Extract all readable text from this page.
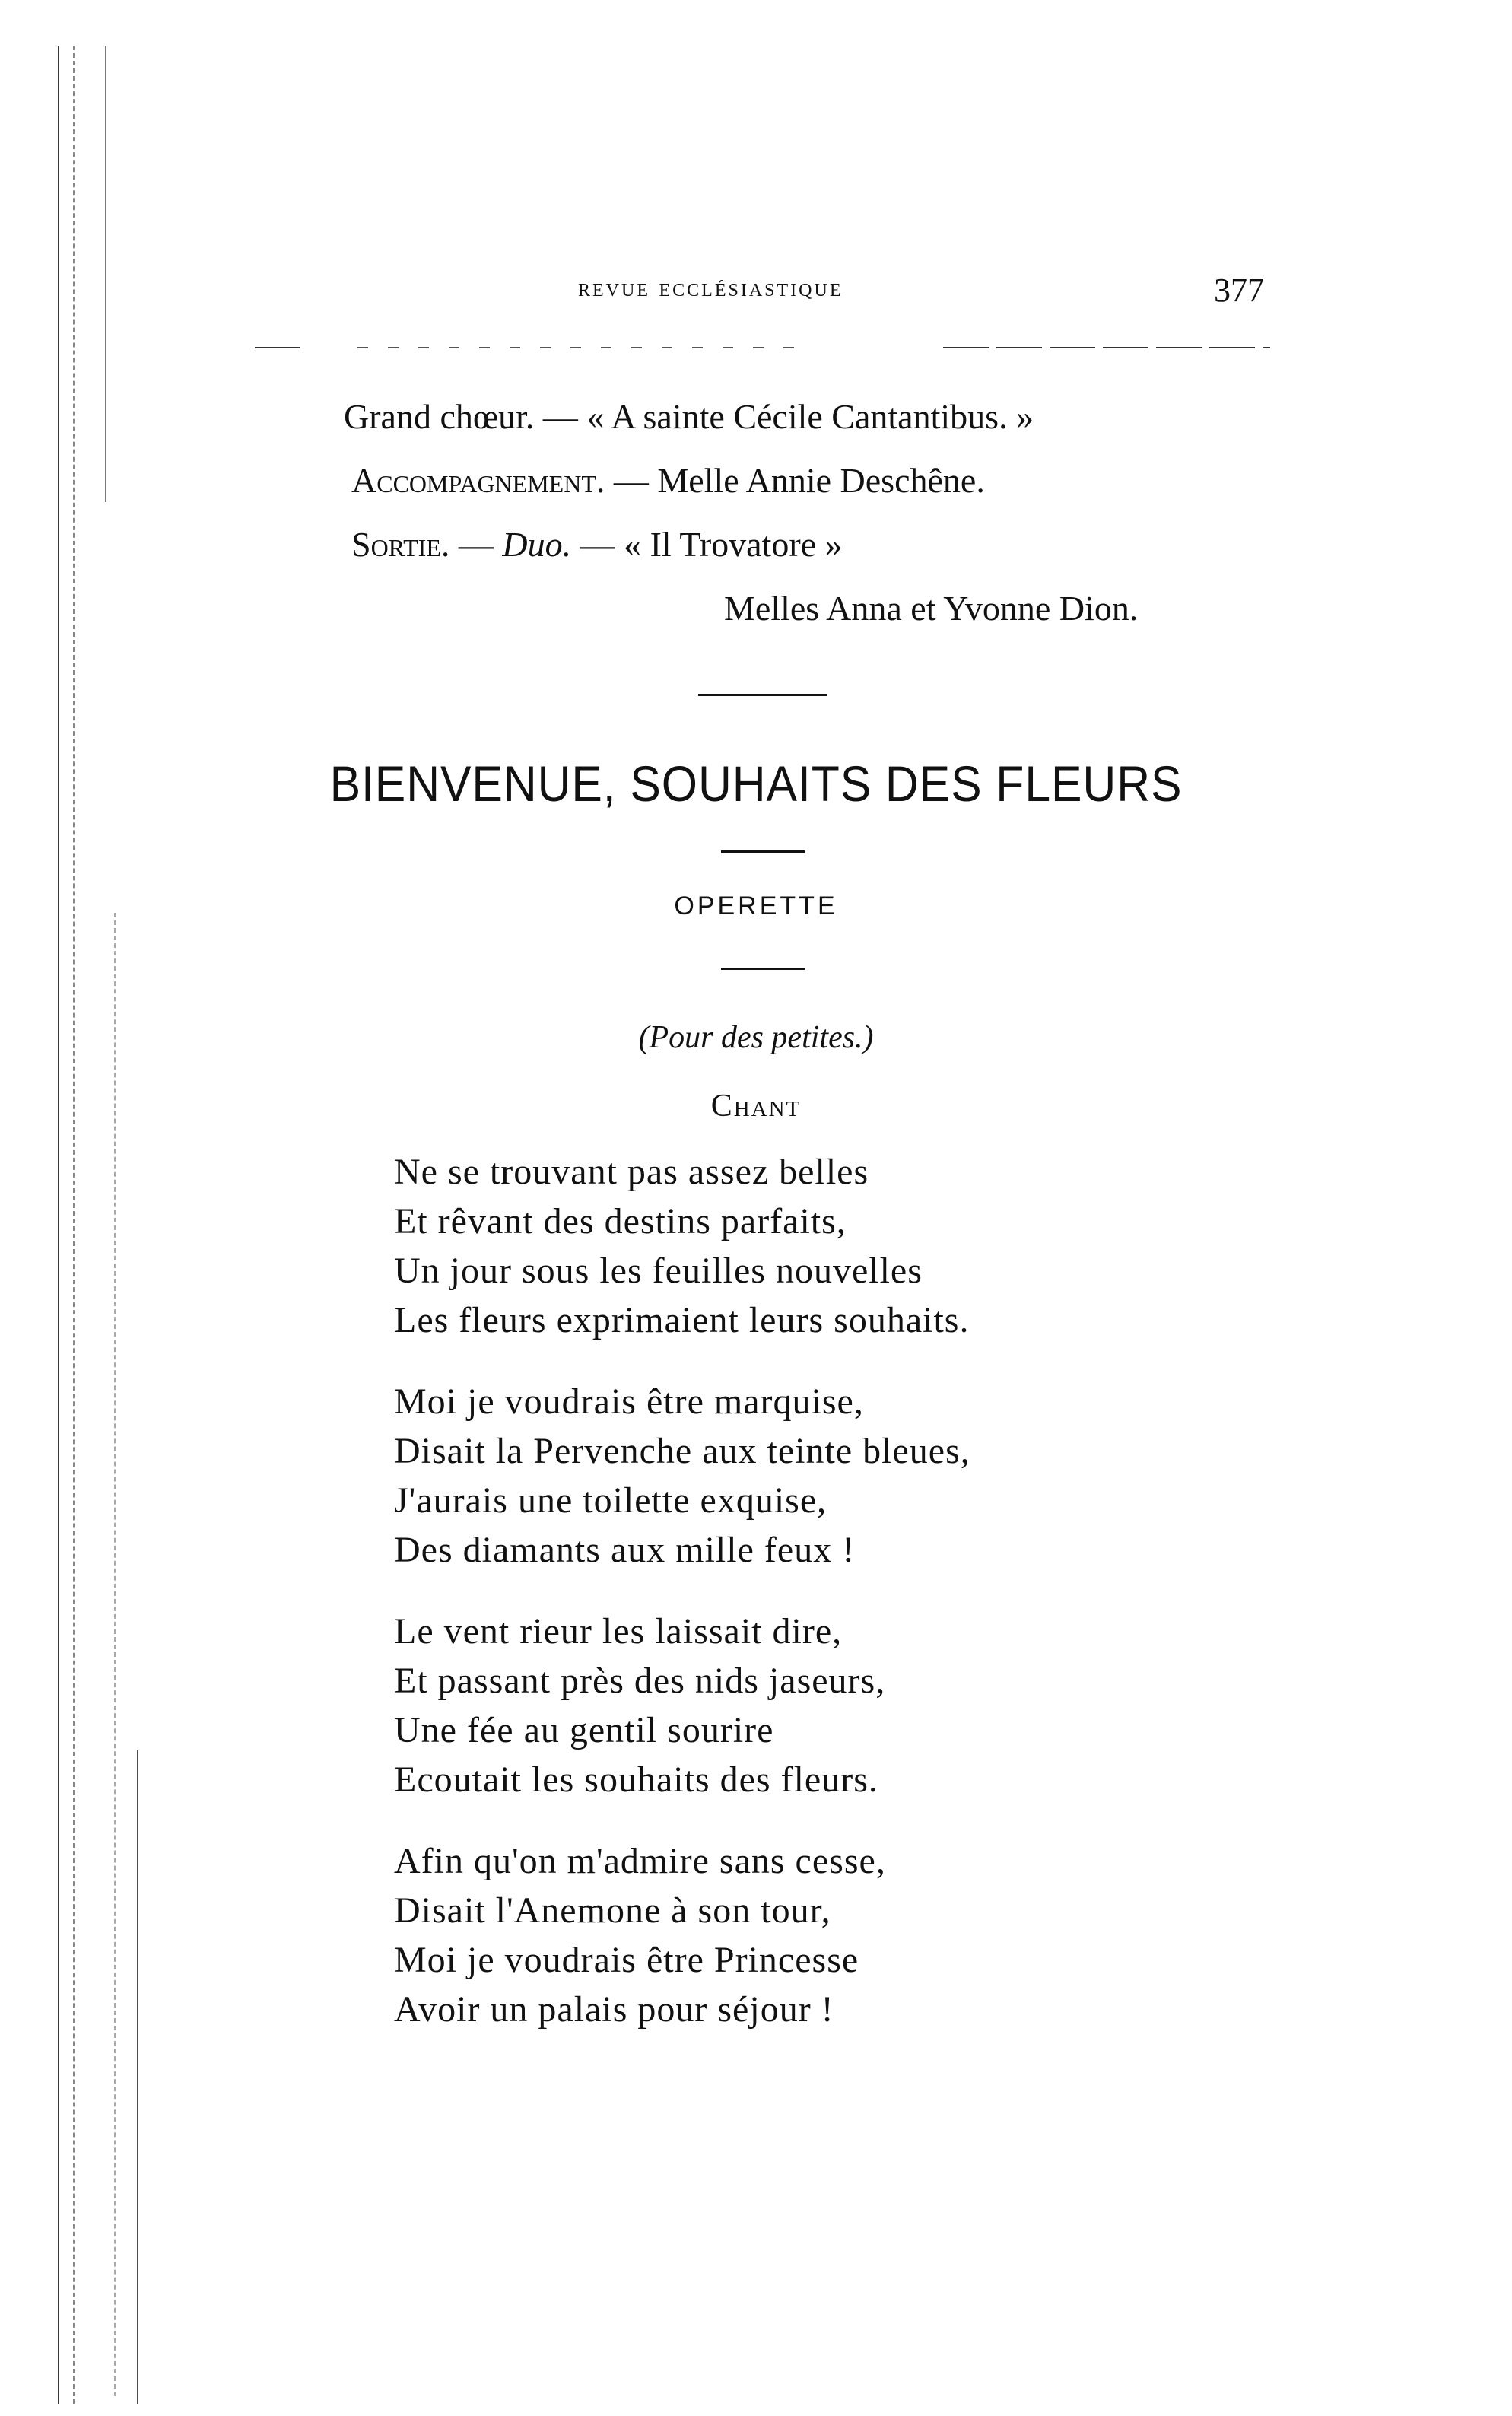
revue ecclésiastique	377
Grand chœur. — « A sainte Cécile Cantantibus. »
Accompagnement. — Melle Annie Deschêne.
Sortie. — Duo. — « Il Trovatore »
Melles Anna et Yvonne Dion.
BIENVENUE, SOUHAITS DES FLEURS
OPERETTE
(Pour des petites.)
Chant
Ne se trouvant pas assez belles
Et rêvant des destins parfaits,
Un jour sous les feuilles nouvelles
Les fleurs exprimaient leurs souhaits.
Moi je voudrais être marquise,
Disait la Pervenche aux teinte bleues,
J'aurais une toilette exquise,
Des diamants aux mille feux !
Le vent rieur les laissait dire,
Et passant près des nids jaseurs,
Une fée au gentil sourire
Ecoutait les souhaits des fleurs.
Afin qu'on m'admire sans cesse,
Disait l'Anemone à son tour,
Moi je voudrais être Princesse
Avoir un palais pour séjour !
